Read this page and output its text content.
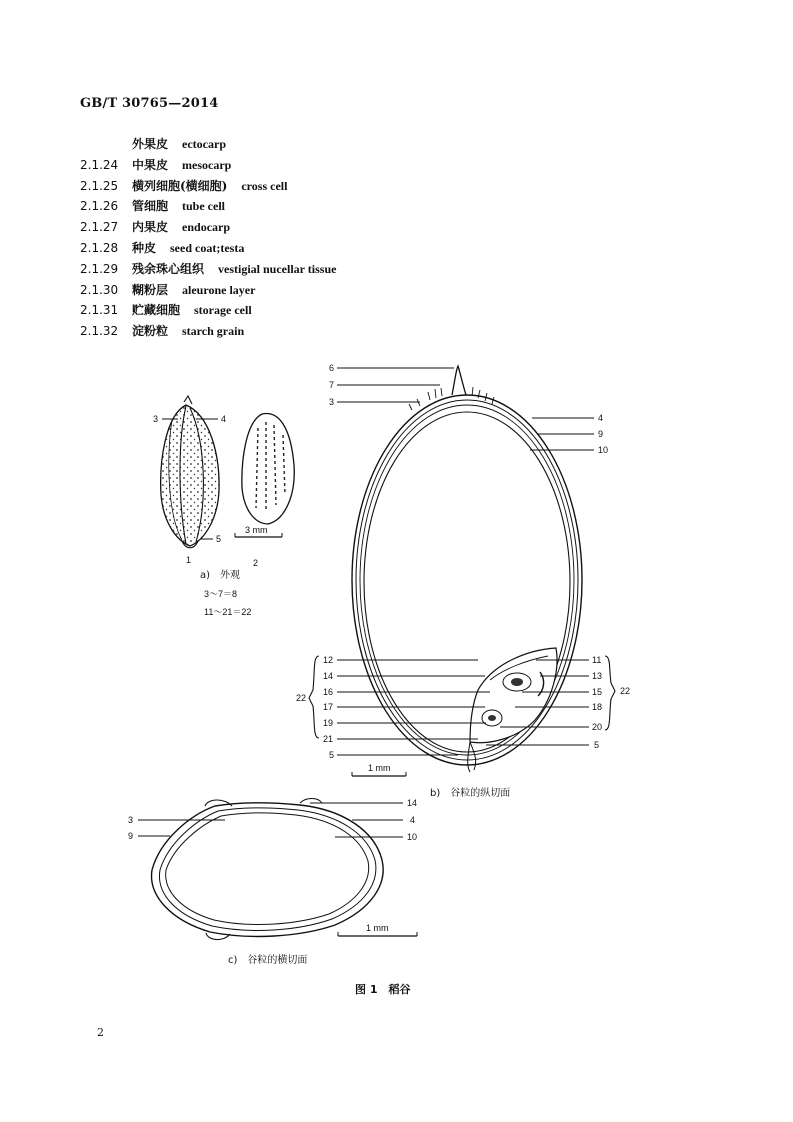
GB/T 30765—2014
外果皮 ectocarp
2.1.24 中果皮 mesocarp
2.1.25 横列细胞(横细胞) cross cell
2.1.26 管细胞 tube cell
2.1.27 内果皮 endocarp
2.1.28 种皮 seed coat;testa
2.1.29 残余珠心组织 vestigial nucellar tissue
2.1.30 糊粉层 aleurone layer
2.1.31 贮藏细胞 storage cell
2.1.32 淀粉粒 starch grain
3	4
5
1	2
3 mm
a)　外观
3～7＝8
11～21＝22
6
7
3
12
14
16
17
19
21
5
4
9
10
11
13
15
18
20
5
22
22
1 mm
b)　谷粒的纵切面
3
9
14
4
10
1 mm
c)　谷粒的横切面
图 1　稻谷
2
